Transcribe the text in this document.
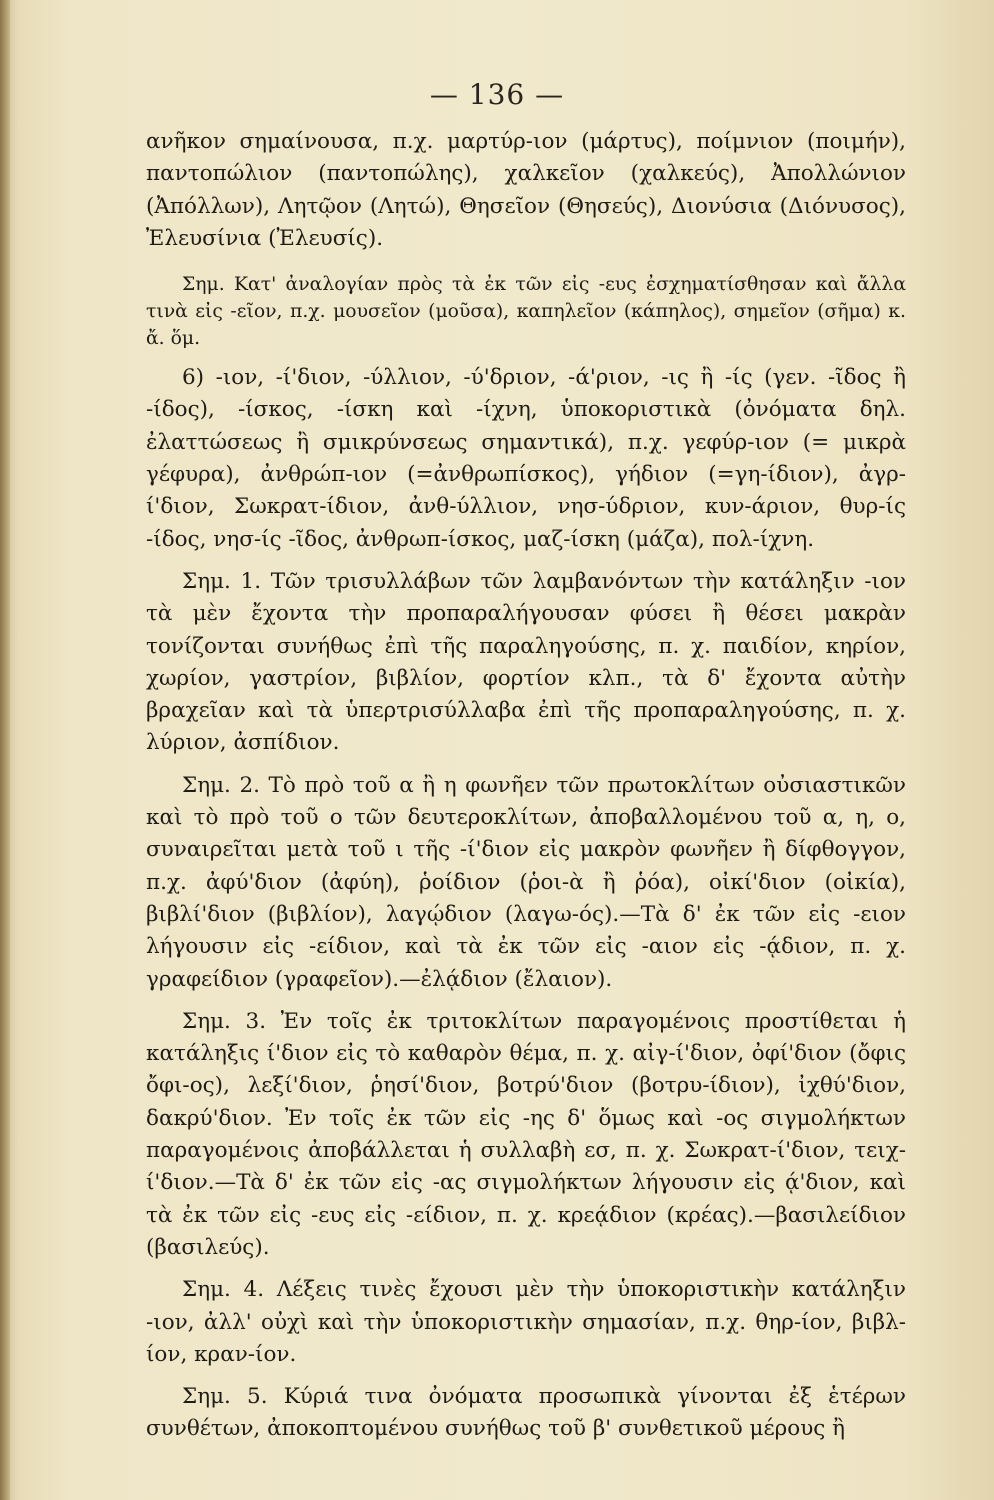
— 136 —

ανῆκον σημαίνουσα, π.χ. μαρτύρ-ιον (μάρτυς), ποίμνιον (ποιμήν), παντοπώλιον (παντοπώλης), χαλκεῖον (χαλκεύς), Ἀπολλώνιον (Ἀπόλλων), Λητῷον (Λητώ), Θησεῖον (Θησεύς), Διονύσια (Διόνυσος), Ἐλευσίνια (Ἐλευσίς).

Σημ. Κατ' ἀναλογίαν πρὸς τὰ ἐκ τῶν εἰς -ευς ἐσχηματίσθησαν καὶ ἄλλα τινὰ εἰς -εῖον, π.χ. μουσεῖον (μοῦσα), καπηλεῖον (κάπηλος), σημεῖον (σῆμα) κ. ἄ. ὅμ.

6) -ιον, -ί'διον, -ύλλιον, -ύ'δριον, -ά'ριον, -ις ἢ -ίς (γεν. -ῖδος ἢ -ίδος), -ίσκος, -ίσκη καὶ -ίχνη, ὑποκοριστικὰ (ὀνόματα δηλ. ἐλαττώσεως ἢ σμικρύνσεως σημαντικά), π.χ. γεφύρ-ιον (= μικρὰ γέφυρα), ἀνθρώπ-ιον (=ἀνθρωπίσκος), γήδιον (=γη-ίδιον), ἀγρ-ί'διον, Σωκρατ-ίδιον, ἀνθ-ύλλιον, νησ-ύδριον, κυν-άριον, θυρ-ίς -ίδος, νησ-ίς -ῖδος, ἀνθρωπ-ίσκος, μαζ-ίσκη (μάζα), πολ-ίχνη.

Σημ. 1. Τῶν τρισυλλάβων τῶν λαμβανόντων τὴν κατάληξιν -ιον τὰ μὲν ἔχοντα τὴν προπαραλήγουσαν φύσει ἢ θέσει μακρὰν τονίζονται συνήθως ἐπὶ τῆς παραληγούσης, π. χ. παιδίον, κηρίον, χωρίον, γαστρίον, βιβλίον, φορτίον κλπ., τὰ δ' ἔχοντα αὐτὴν βραχεῖαν καὶ τὰ ὑπερτρισύλλαβα ἐπὶ τῆς προπαραληγούσης, π. χ. λύριον, ἀσπίδιον.

Σημ. 2. Τὸ πρὸ τοῦ α ἢ η φωνῆεν τῶν πρωτοκλίτων οὐσιαστικῶν καὶ τὸ πρὸ τοῦ ο τῶν δευτεροκλίτων, ἀποβαλλομένου τοῦ α, η, ο, συναιρεῖται μετὰ τοῦ ι τῆς -ί'διον εἰς μακρὸν φωνῆεν ἢ δίφθογγον, π.χ. ἀφύ'διον (ἀφύη), ῥοίδιον (ῥοι-ὰ ἢ ῥόα), οἰκί'διον (οἰκία), βιβλί'διον (βιβλίον), λαγῴδιον (λαγω-ός).—Τὰ δ' ἐκ τῶν εἰς -ειον λήγουσιν εἰς -είδιον, καὶ τὰ ἐκ τῶν εἰς -αιον εἰς -ᾴδιον, π. χ. γραφείδιον (γραφεῖον).—ἐλᾴδιον (ἔλαιον).

Σημ. 3. Ἐν τοῖς ἐκ τριτοκλίτων παραγομένοις προστίθεται ἡ κατάληξις ί'διον εἰς τὸ καθαρὸν θέμα, π. χ. αἰγ-ί'διον, ὀφί'διον (ὄφις ὄφι-ος), λεξί'διον, ῥησί'διον, βοτρύ'διον (βοτρυ-ίδιον), ἰχθύ'διον, δακρύ'διον. Ἐν τοῖς ἐκ τῶν εἰς -ης δ' ὅμως καὶ -ος σιγμολήκτων παραγομένοις ἀποβάλλεται ἡ συλλαβὴ εσ, π. χ. Σωκρατ-ί'διον, τειχ-ί'διον.—Τὰ δ' ἐκ τῶν εἰς -ας σιγμολήκτων λήγουσιν εἰς ᾴ'διον, καὶ τὰ ἐκ τῶν εἰς -ευς εἰς -είδιον, π. χ. κρεᾴδιον (κρέας).—βασιλείδιον (βασιλεύς).

Σημ. 4. Λέξεις τινὲς ἔχουσι μὲν τὴν ὑποκοριστικὴν κατάληξιν -ιον, ἀλλ' οὐχὶ καὶ τὴν ὑποκοριστικὴν σημασίαν, π.χ. θηρ-ίον, βιβλ-ίον, κραν-ίον.

Σημ. 5. Κύριά τινα ὀνόματα προσωπικὰ γίνονται ἐξ ἑτέρων συνθέτων, ἀποκοπτομένου συνήθως τοῦ β' συνθετικοῦ μέρους ἢ
